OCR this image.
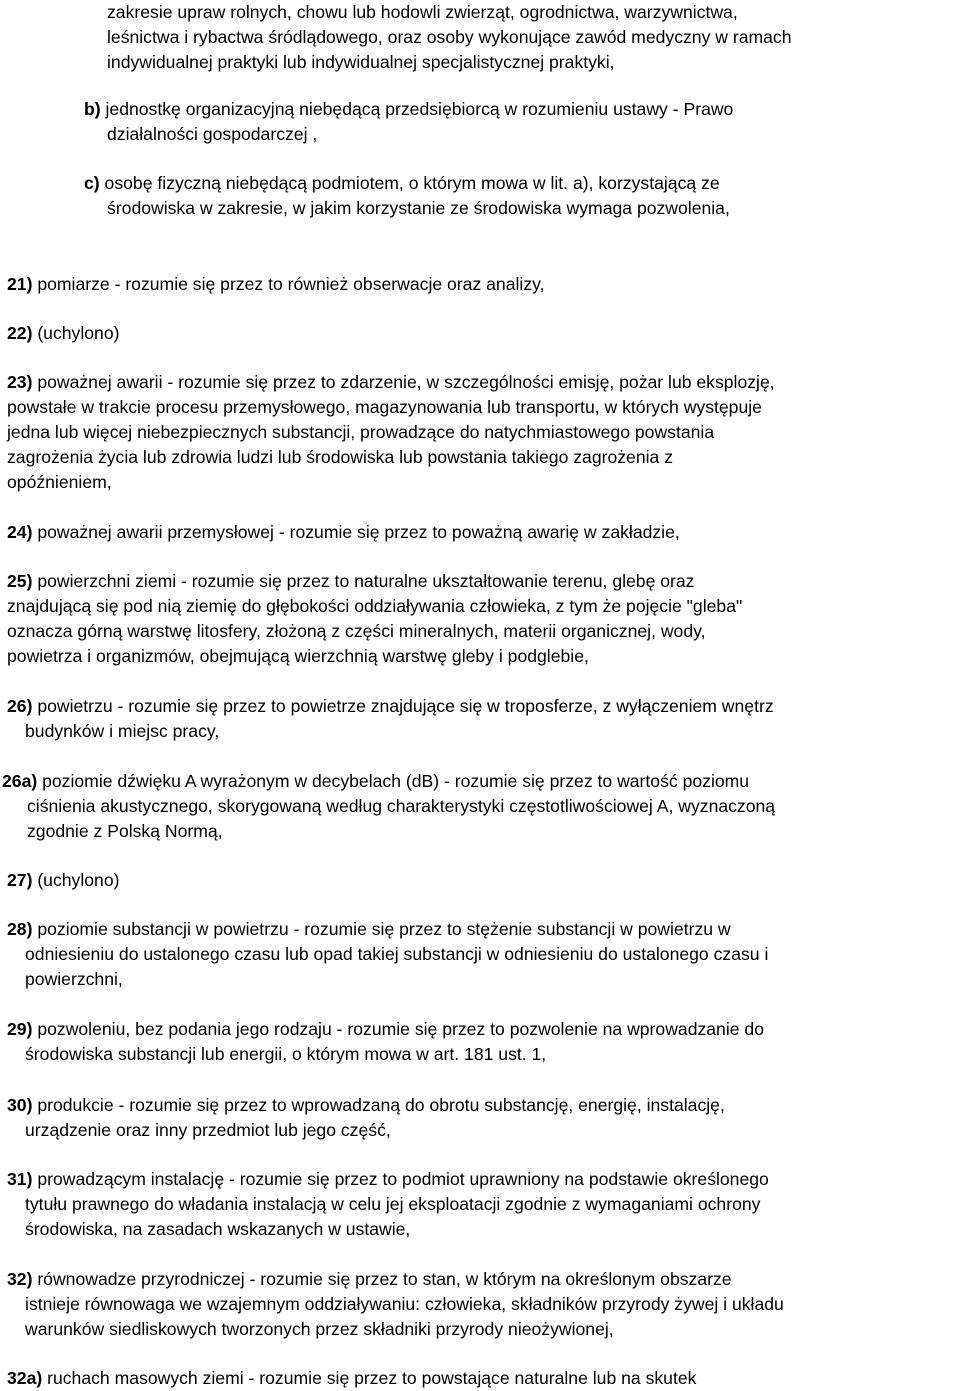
zakresie upraw rolnych, chowu lub hodowli zwierząt, ogrodnictwa, warzywnictwa,
leśnictwa i rybactwa śródlądowego, oraz osoby wykonujące zawód medyczny w ramach
indywidualnej praktyki lub indywidualnej specjalistycznej praktyki,
b) jednostkę organizacyjną niebędącą przedsiębiorcą w rozumieniu ustawy - Prawo
działalności gospodarczej ,
c) osobę fizyczną niebędącą podmiotem, o którym mowa w lit. a), korzystającą ze
środowiska w zakresie, w jakim korzystanie ze środowiska wymaga pozwolenia,
21) pomiarze - rozumie się przez to również obserwacje oraz analizy,
22) (uchylono)
23) poważnej awarii - rozumie się przez to zdarzenie, w szczególności emisję, pożar lub eksplozję,
powstałe w trakcie procesu przemysłowego, magazynowania lub transportu, w których występuje
jedna lub więcej niebezpiecznych substancji, prowadzące do natychmiastowego powstania
zagrożenia życia lub zdrowia ludzi lub środowiska lub powstania takiego zagrożenia z
opóźnieniem,
24) poważnej awarii przemysłowej - rozumie się przez to poważną awarię w zakładzie,
25) powierzchni ziemi - rozumie się przez to naturalne ukształtowanie terenu, glebę oraz
znajdującą się pod nią ziemię do głębokości oddziaływania człowieka, z tym że pojęcie "gleba"
oznacza górną warstwę litosfery, złożoną z części mineralnych, materii organicznej, wody,
powietrza i organizmów, obejmującą wierzchnią warstwę gleby i podglebie,
26) powietrzu - rozumie się przez to powietrze znajdujące się w troposferze, z wyłączeniem wnętrz
budynków i miejsc pracy,
26a) poziomie dźwięku A wyrażonym w decybelach (dB) - rozumie się przez to wartość poziomu
ciśnienia akustycznego, skorygowaną według charakterystyki częstotliwościowej A, wyznaczoną
zgodnie z Polską Normą,
27) (uchylono)
28) poziomie substancji w powietrzu - rozumie się przez to stężenie substancji w powietrzu w
odniesieniu do ustalonego czasu lub opad takiej substancji w odniesieniu do ustalonego czasu i
powierzchni,
29) pozwoleniu, bez podania jego rodzaju - rozumie się przez to pozwolenie na wprowadzanie do
środowiska substancji lub energii, o którym mowa w art. 181 ust. 1,
30) produkcie - rozumie się przez to wprowadzaną do obrotu substancję, energię, instalację,
urządzenie oraz inny przedmiot lub jego część,
31) prowadzącym instalację - rozumie się przez to podmiot uprawniony na podstawie określonego
tytułu prawnego do władania instalacją w celu jej eksploatacji zgodnie z wymaganiami ochrony
środowiska, na zasadach wskazanych w ustawie,
32) równowadze przyrodniczej - rozumie się przez to stan, w którym na określonym obszarze
istnieje równowaga we wzajemnym oddziaływaniu: człowieka, składników przyrody żywej i układu
warunków siedliskowych tworzonych przez składniki przyrody nieożywionej,
32a) ruchach masowych ziemi - rozumie się przez to powstające naturalne lub na skutek
